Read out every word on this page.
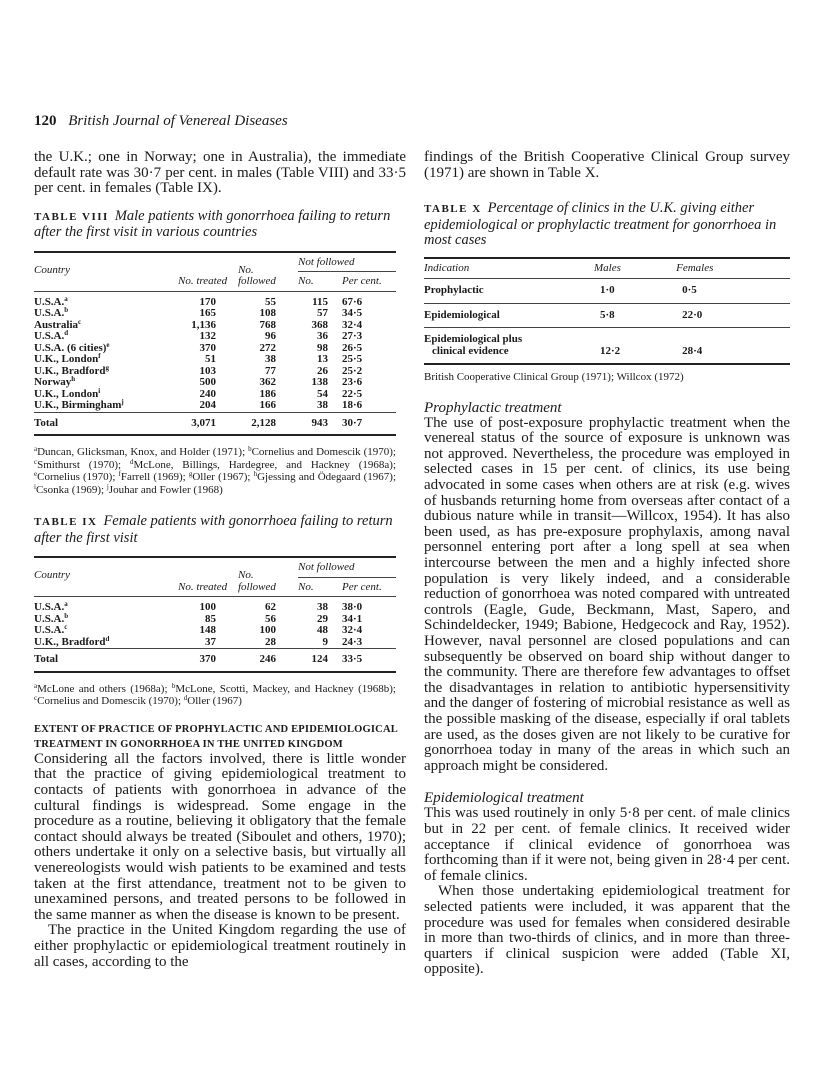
120 British Journal of Venereal Diseases

the U.K.; one in Norway; one in Australia), the immediate default rate was 30·7 per cent. in males (Table VIII) and 33·5 per cent. in females (Table IX).

TABLE VIII Male patients with gonorrhoea failing to return after the first visit in various countries
Country	No. treated	No. followed	Not followed	
			No.	Per cent.
U.S.A.$^a$	170	55	115	67·6
U.S.A.$^b$	165	108	57	34·5
Australia$^c$	1,136	768	368	32·4
U.S.A.$^d$	132	96	36	27·3
U.S.A. (6 cities)$^e$	370	272	98	26·5
U.K., London$^f$	51	38	13	25·5
U.K., Bradford$^g$	103	77	26	25·2
Norway$^h$	500	362	138	23·6
U.K., London$^i$	240	186	54	22·5
U.K., Birmingham$^j$	204	166	38	18·6
Total	3,071	2,128	943	30·7
$^a$Duncan, Glicksman, Knox, and Holder (1971); $^b$Cornelius and Domescik (1970); $^c$Smithurst (1970); $^d$McLone, Billings, Hardegree, and Hackney (1968a); $^e$Cornelius (1970); $^f$Farrell (1969); $^g$Oller (1967); $^h$Gjessing and Ödegaard (1967); $^i$Csonka (1969); $^j$Jouhar and Fowler (1968)
TABLE IX Female patients with gonorrhoea failing to return after the first visit
Country	No. treated	No. followed	Not followed	
			No.	Per cent.
U.S.A.$^a$	100	62	38	38·0
U.S.A.$^b$	85	56	29	34·1
U.S.A.$^c$	148	100	48	32·4
U.K., Bradford$^d$	37	28	9	24·3
Total	370	246	124	33·5
$^a$McLone and others (1968a); $^b$McLone, Scotti, Mackey, and Hackney (1968b); $^c$Cornelius and Domescik (1970); $^d$Oller (1967)
EXTENT OF PRACTICE OF PROPHYLACTIC AND EPIDEMIOLOGICAL TREATMENT IN GONORRHOEA IN THE UNITED KINGDOM

Considering all the factors involved, there is little wonder that the practice of giving epidemiological treatment to contacts of patients with gonorrhoea in advance of the cultural findings is widespread. Some engage in the procedure as a routine, believing it obligatory that the female contact should always be treated (Siboulet and others, 1970); others undertake it only on a selective basis, but virtually all venereologists would wish patients to be examined and tests taken at the first attendance, treatment not to be given to unexamined persons, and treated persons to be followed in the same manner as when the disease is known to be present.

The practice in the United Kingdom regarding the use of either prophylactic or epidemiological treatment routinely in all cases, according to the

findings of the British Cooperative Clinical Group survey (1971) are shown in Table X.

TABLE X Percentage of clinics in the U.K. giving either epidemiological or prophylactic treatment for gonorrhoea in most cases
Indication	Males	Females

Prophylactic	1·0	0·5

Epidemiological	5·8	22·0

Epidemiological plus
clinical evidence	12·2	28·4
British Cooperative Clinical Group (1971); Willcox (1972)
Prophylactic treatment

The use of post-exposure prophylactic treatment when the venereal status of the source of exposure is unknown was not approved. Nevertheless, the procedure was employed in selected cases in 15 per cent. of clinics, its use being advocated in some cases when others are at risk (e.g. wives of husbands returning home from overseas after contact of a dubious nature while in transit—Willcox, 1954). It has also been used, as has pre-exposure prophylaxis, among naval personnel entering port after a long spell at sea when intercourse between the men and a highly infected shore population is very likely indeed, and a considerable reduction of gonorrhoea was noted compared with untreated controls (Eagle, Gude, Beckmann, Mast, Sapero, and Schindeldecker, 1949; Babione, Hedgecock and Ray, 1952). However, naval personnel are closed populations and can subsequently be observed on board ship without danger to the community. There are therefore few advantages to offset the disadvantages in relation to antibiotic hypersensitivity and the danger of fostering of microbial resistance as well as the possible masking of the disease, especially if oral tablets are used, as the doses given are not likely to be curative for gonorrhoea today in many of the areas in which such an approach might be considered.

Epidemiological treatment

This was used routinely in only 5·8 per cent. of male clinics but in 22 per cent. of female clinics. It received wider acceptance if clinical evidence of gonorrhoea was forthcoming than if it were not, being given in 28·4 per cent. of female clinics.

When those undertaking epidemiological treatment for selected patients were included, it was apparent that the procedure was used for females when considered desirable in more than two-thirds of clinics, and in more than three-quarters if clinical suspicion were added (Table XI, opposite).
